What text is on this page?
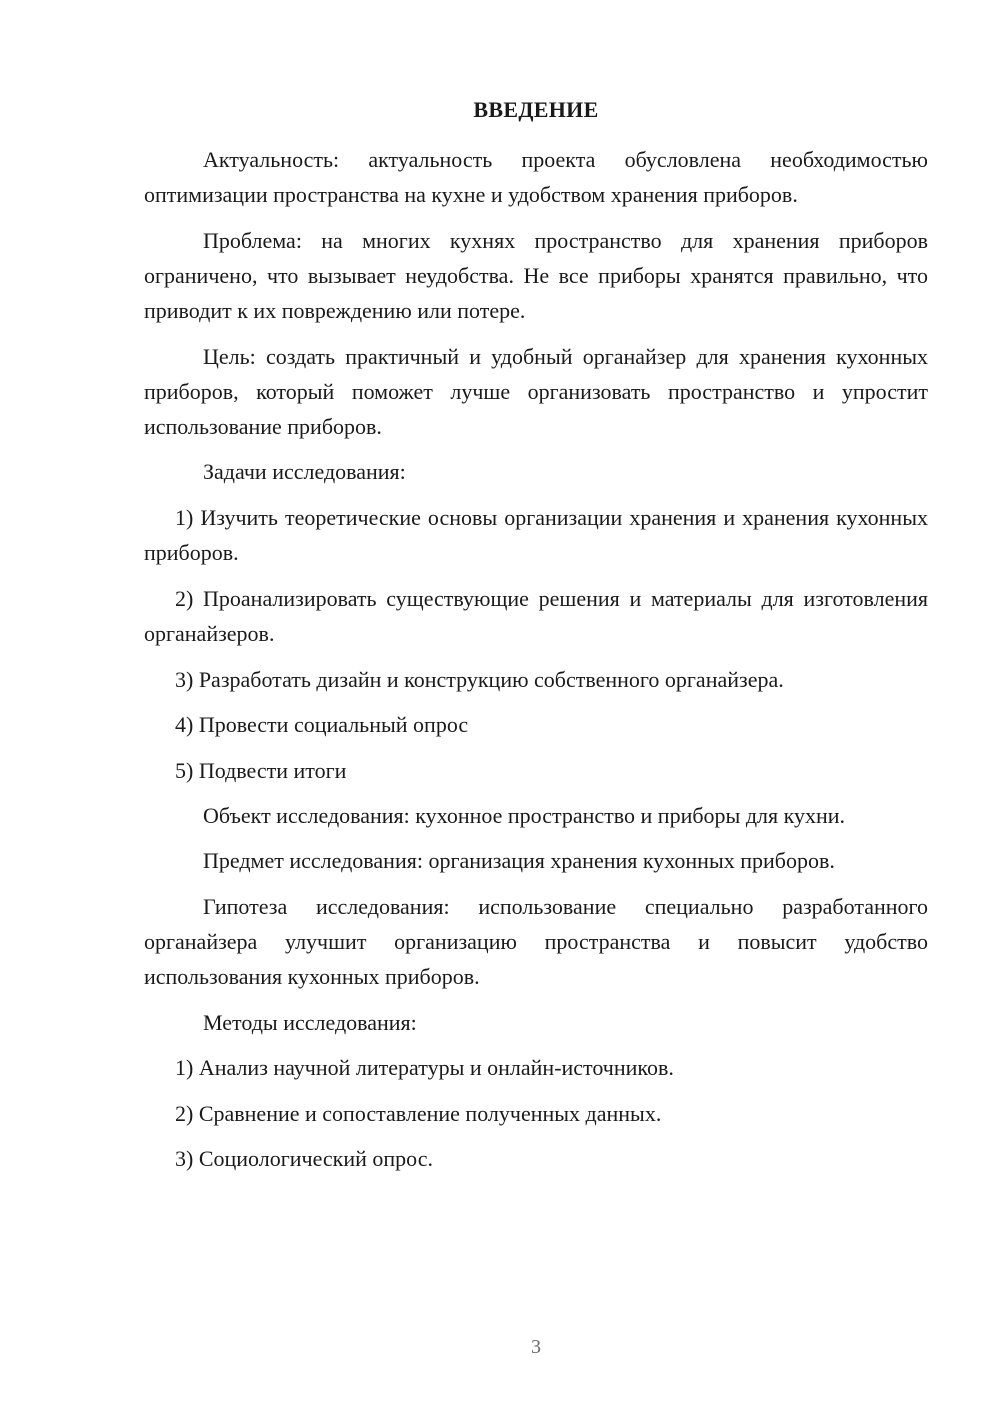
ВВЕДЕНИЕ
Актуальность: актуальность проекта обусловлена необходимостью оптимизации пространства на кухне и удобством хранения приборов.
Проблема: на многих кухнях пространство для хранения приборов ограничено, что вызывает неудобства. Не все приборы хранятся правильно, что приводит к их повреждению или потере.
Цель: создать практичный и удобный органайзер для хранения кухонных приборов, который поможет лучше организовать пространство и упростит использование приборов.
Задачи исследования:
1) Изучить теоретические основы организации хранения и хранения кухонных приборов.
2) Проанализировать существующие решения и материалы для изготовления органайзеров.
3) Разработать дизайн и конструкцию собственного органайзера.
4) Провести социальный опрос
5) Подвести итоги
Объект исследования: кухонное пространство и приборы для кухни.
Предмет исследования: организация хранения кухонных приборов.
Гипотеза исследования: использование специально разработанного органайзера улучшит организацию пространства и повысит удобство использования кухонных приборов.
Методы исследования:
1) Анализ научной литературы и онлайн-источников.
2) Сравнение и сопоставление полученных данных.
3) Социологический опрос.
3
